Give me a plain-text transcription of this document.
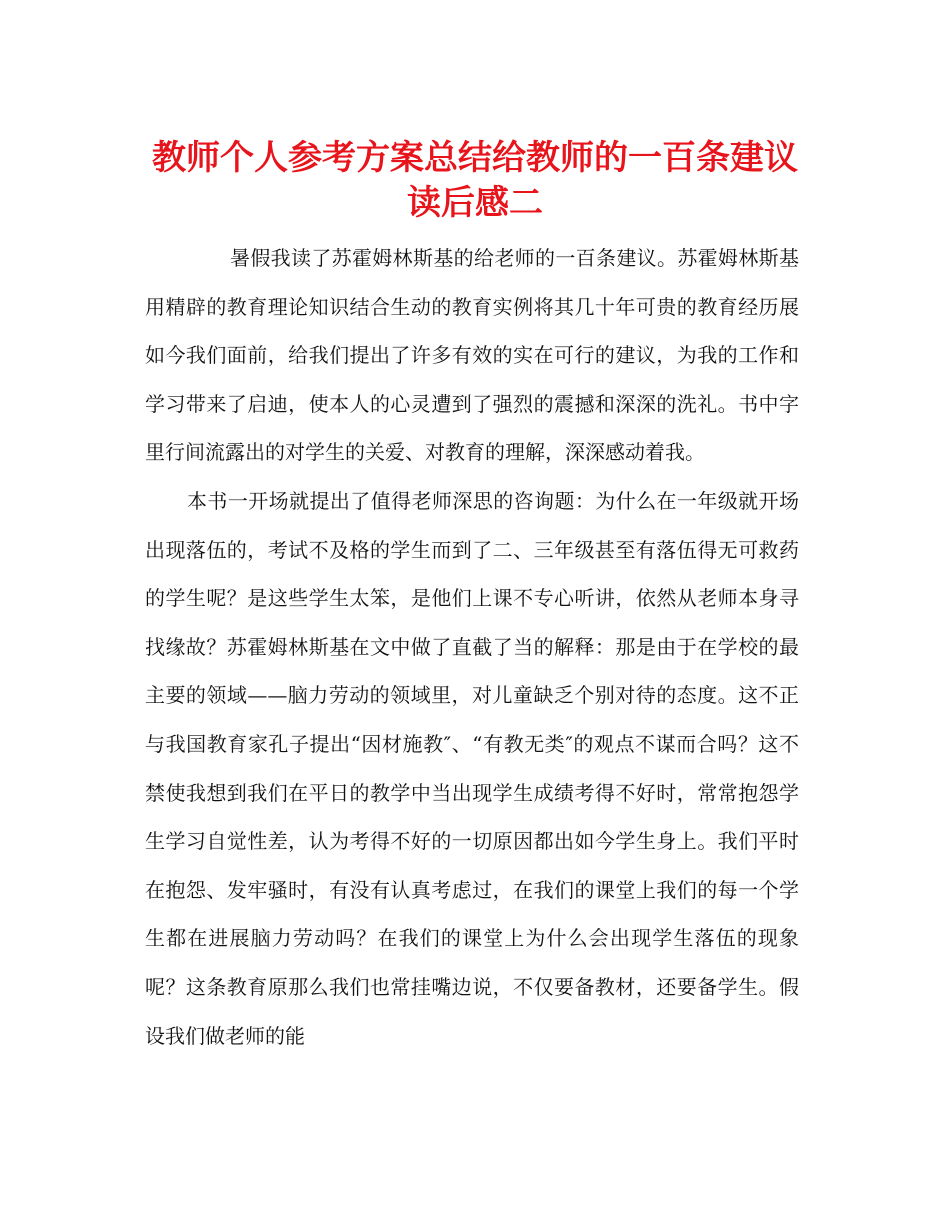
教师个人参考方案总结给教师的一百条建议读后感二

暑假我读了苏霍姆林斯基的给老师的一百条建议。苏霍姆林斯基用精辟的教育理论知识结合生动的教育实例将其几十年可贵的教育经历展如今我们面前，给我们提出了许多有效的实在可行的建议，为我的工作和学习带来了启迪，使本人的心灵遭到了强烈的震撼和深深的洗礼。书中字里行间流露出的对学生的关爱、对教育的理解，深深感动着我。

本书一开场就提出了值得老师深思的咨询题：为什么在一年级就开场出现落伍的，考试不及格的学生而到了二、三年级甚至有落伍得无可救药的学生呢？是这些学生太笨，是他们上课不专心听讲，依然从老师本身寻找缘故？苏霍姆林斯基在文中做了直截了当的解释：那是由于在学校的最主要的领域——脑力劳动的领域里，对儿童缺乏个别对待的态度。这不正与我国教育家孔子提出“因材施教″、“有教无类″的观点不谋而合吗？这不禁使我想到我们在平日的教学中当出现学生成绩考得不好时，常常抱怨学生学习自觉性差，认为考得不好的一切原因都出如今学生身上。我们平时在抱怨、发牢骚时，有没有认真考虑过，在我们的课堂上我们的每一个学生都在进展脑力劳动吗？在我们的课堂上为什么会出现学生落伍的现象呢？这条教育原那么我们也常挂嘴边说，不仅要备教材，还要备学生。假设我们做老师的能
